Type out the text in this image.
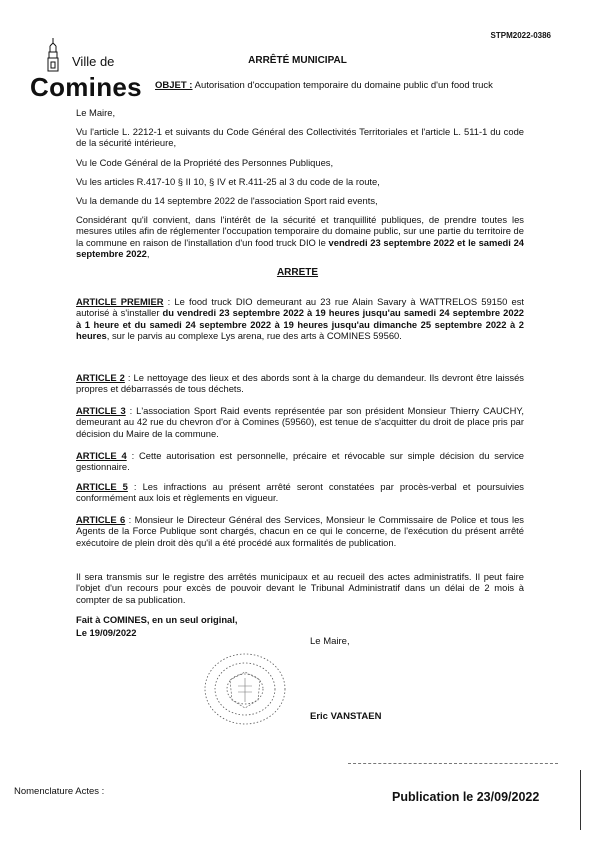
STPM2022-0386
Ville de
Comines
ARRÊTÉ MUNICIPAL
OBJET : Autorisation d'occupation temporaire du domaine public d'un food truck
Le Maire,
Vu l'article L. 2212-1 et suivants du Code Général des Collectivités Territoriales et l'article L. 511-1 du code de la sécurité intérieure,
Vu le Code Général de la Propriété des Personnes Publiques,
Vu les articles R.417-10 § II 10, § IV et R.411-25 al 3 du code de la route,
Vu la demande du 14 septembre 2022 de l'association Sport raid events,
Considérant qu'il convient, dans l'intérêt de la sécurité et tranquillité publiques, de prendre toutes les mesures utiles afin de réglementer l'occupation temporaire du domaine public, sur une partie du territoire de la commune en raison de l'installation d'un food truck DIO le vendredi 23 septembre 2022 et le samedi 24 septembre 2022,
ARRETE
ARTICLE PREMIER : Le food truck DIO demeurant au 23 rue Alain Savary à WATTRELOS 59150 est autorisé à s'installer du vendredi 23 septembre 2022 à 19 heures jusqu'au samedi 24 septembre 2022 à 1 heure et du samedi 24 septembre 2022 à 19 heures jusqu'au dimanche 25 septembre 2022 à 2 heures, sur le parvis au complexe Lys arena, rue des arts à COMINES 59560.
ARTICLE 2 : Le nettoyage des lieux et des abords sont à la charge du demandeur. Ils devront être laissés propres et débarrassés de tous déchets.
ARTICLE 3 : L'association Sport Raid events représentée par son président Monsieur Thierry CAUCHY, demeurant au 42 rue du chevron d'or à Comines (59560), est tenue de s'acquitter du droit de place pris par décision du Maire de la commune.
ARTICLE 4 : Cette autorisation est personnelle, précaire et révocable sur simple décision du service gestionnaire.
ARTICLE 5 : Les infractions au présent arrêté seront constatées par procès-verbal et poursuivies conformément aux lois et règlements en vigueur.
ARTICLE 6 : Monsieur le Directeur Général des Services, Monsieur le Commissaire de Police et tous les Agents de la Force Publique sont chargés, chacun en ce qui le concerne, de l'exécution du présent arrêté exécutoire de plein droit dès qu'il a été procédé aux formalités de publication.
Il sera transmis sur le registre des arrêtés municipaux et au recueil des actes administratifs. Il peut faire l'objet d'un recours pour excès de pouvoir devant le Tribunal Administratif dans un délai de 2 mois à compter de sa publication.
Fait à COMINES, en un seul original,
Le 19/09/2022
Le Maire,
Eric VANSTAEN
Nomenclature Actes :	Publication le 23/09/2022
